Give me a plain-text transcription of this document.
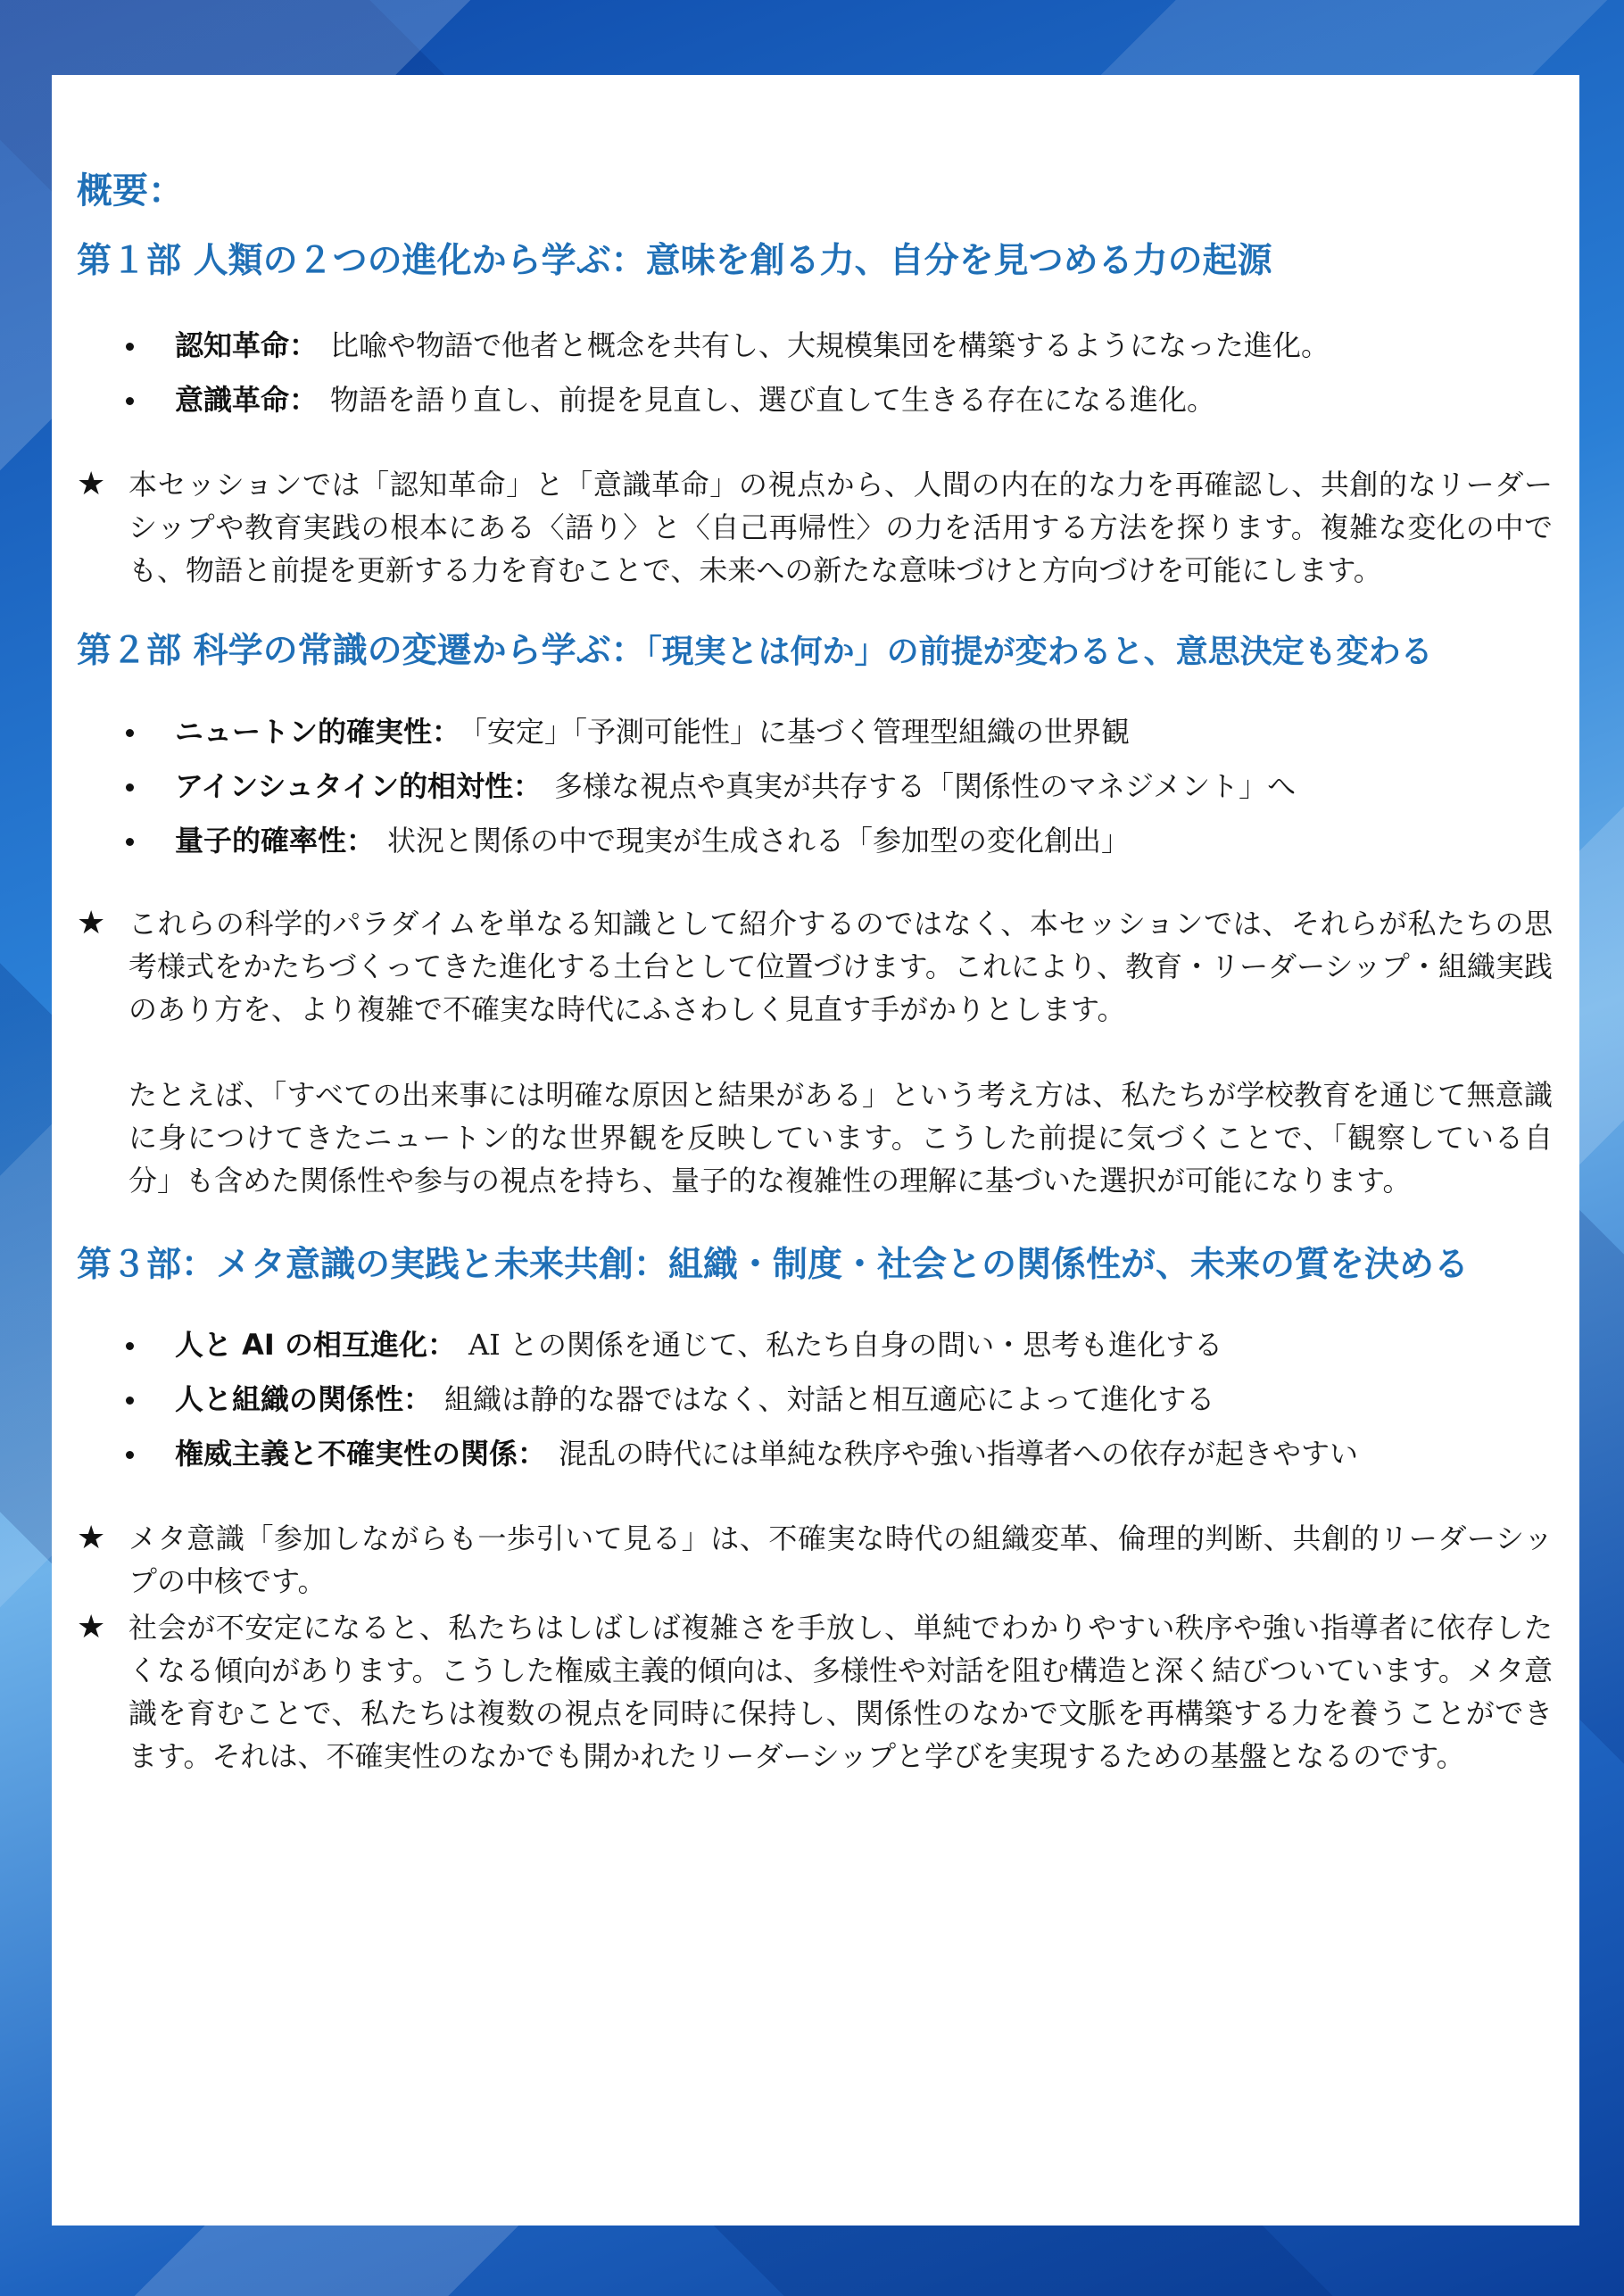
概要：
第１部 人類の２つの進化から学ぶ：意味を創る力、自分を見つめる力の起源
認知革命： 比喩や物語で他者と概念を共有し、大規模集団を構築するようになった進化。
意識革命： 物語を語り直し、前提を見直し、選び直して生きる存在になる進化。

★ 本セッションでは「認知革命」と「意識革命」の視点から、人間の内在的な力を再確認し、共創的なリーダーシップや教育実践の根本にある〈語り〉と〈自己再帰性〉の力を活用する方法を探ります。複雑な変化の中でも、物語と前提を更新する力を育むことで、未来への新たな意味づけと方向づけを可能にします。

第２部 科学の常識の変遷から学ぶ：「現実とは何か」の前提が変わると、意思決定も変わる
ニュートン的確実性： 「安定」「予測可能性」に基づく管理型組織の世界観
アインシュタイン的相対性： 多様な視点や真実が共存する「関係性のマネジメント」へ
量子的確率性： 状況と関係の中で現実が生成される「参加型の変化創出」

★ これらの科学的パラダイムを単なる知識として紹介するのではなく、本セッションでは、それらが私たちの思考様式をかたちづくってきた進化する土台として位置づけます。これにより、教育・リーダーシップ・組織実践のあり方を、より複雑で不確実な時代にふさわしく見直す手がかりとします。

たとえば、「すべての出来事には明確な原因と結果がある」という考え方は、私たちが学校教育を通じて無意識に身につけてきたニュートン的な世界観を反映しています。こうした前提に気づくことで、「観察している自分」も含めた関係性や参与の視点を持ち、量子的な複雑性の理解に基づいた選択が可能になります。

第３部：メタ意識の実践と未来共創：組織・制度・社会との関係性が、未来の質を決める
人と AI の相互進化： AI との関係を通じて、私たち自身の問い・思考も進化する
人と組織の関係性： 組織は静的な器ではなく、対話と相互適応によって進化する
権威主義と不確実性の関係： 混乱の時代には単純な秩序や強い指導者への依存が起きやすい

★ メタ意識「参加しながらも一歩引いて見る」は、不確実な時代の組織変革、倫理的判断、共創的リーダーシップの中核です。

★ 社会が不安定になると、私たちはしばしば複雑さを手放し、単純でわかりやすい秩序や強い指導者に依存したくなる傾向があります。こうした権威主義的傾向は、多様性や対話を阻む構造と深く結びついています。メタ意識を育むことで、私たちは複数の視点を同時に保持し、関係性のなかで文脈を再構築する力を養うことができます。それは、不確実性のなかでも開かれたリーダーシップと学びを実現するための基盤となるのです。
